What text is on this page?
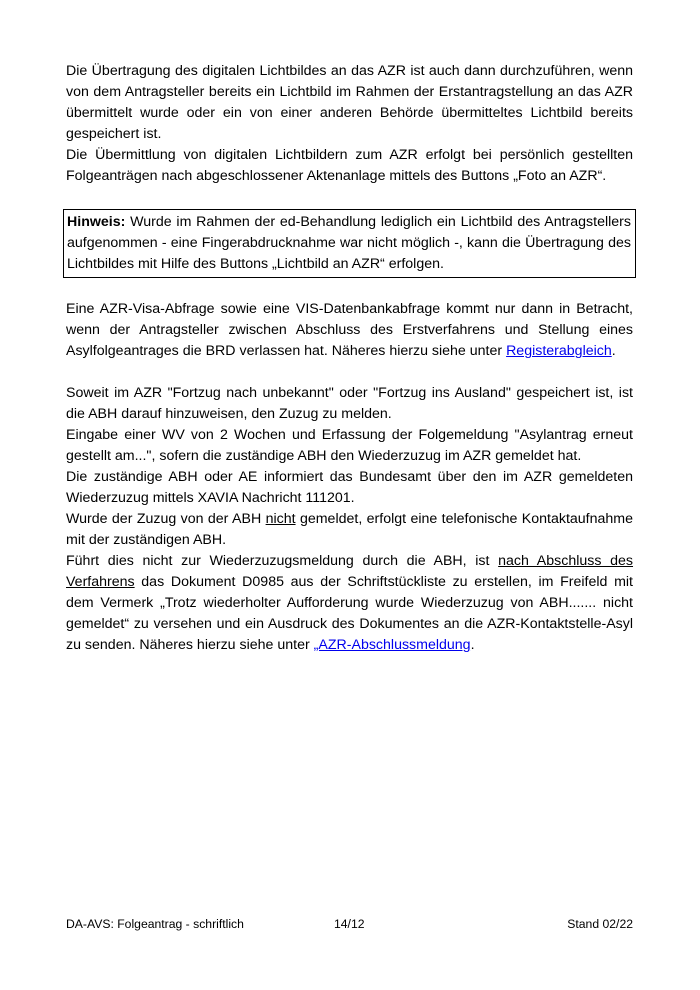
Die Übertragung des digitalen Lichtbildes an das AZR ist auch dann durchzuführen, wenn von dem Antragsteller bereits ein Lichtbild im Rahmen der Erstantragstellung an das AZR übermittelt wurde oder ein von einer anderen Behörde übermitteltes Lichtbild bereits gespeichert ist.

Die Übermittlung von digitalen Lichtbildern zum AZR erfolgt bei persönlich gestellten Folgeanträgen nach abgeschlossener Aktenanlage mittels des Buttons „Foto an AZR“.

Hinweis: Wurde im Rahmen der ed-Behandlung lediglich ein Lichtbild des Antragstellers aufgenommen - eine Fingerabdrucknahme war nicht möglich -, kann die Übertragung des Lichtbildes mit Hilfe des Buttons „Lichtbild an AZR“ erfolgen.

Eine AZR-Visa-Abfrage sowie eine VIS-Datenbankabfrage kommt nur dann in Betracht, wenn der Antragsteller zwischen Abschluss des Erstverfahrens und Stellung eines Asylfolgeantrages die BRD verlassen hat. Näheres hierzu siehe unter Registerabgleich.

Soweit im AZR "Fortzug nach unbekannt" oder "Fortzug ins Ausland" gespeichert ist, ist die ABH darauf hinzuweisen, den Zuzug zu melden.

Eingabe einer WV von 2 Wochen und Erfassung der Folgemeldung "Asylantrag erneut gestellt am...", sofern die zuständige ABH den Wiederzuzug im AZR gemeldet hat.

Die zuständige ABH oder AE informiert das Bundesamt über den im AZR gemeldeten Wiederzuzug mittels XAVIA Nachricht 111201.

Wurde der Zuzug von der ABH nicht gemeldet, erfolgt eine telefonische Kontaktaufnahme mit der zuständigen ABH.

Führt dies nicht zur Wiederzuzugsmeldung durch die ABH, ist nach Abschluss des Verfahrens das Dokument D0985 aus der Schriftstückliste zu erstellen, im Freifeld mit dem Vermerk „Trotz wiederholter Aufforderung wurde Wiederzuzug von ABH....... nicht gemeldet“ zu versehen und ein Ausdruck des Dokumentes an die AZR-Kontaktstelle-Asyl zu senden. Näheres hierzu siehe unter „AZR-Abschlussmeldung.

DA-AVS: Folgeantrag - schriftlich	14/12	Stand 02/22
